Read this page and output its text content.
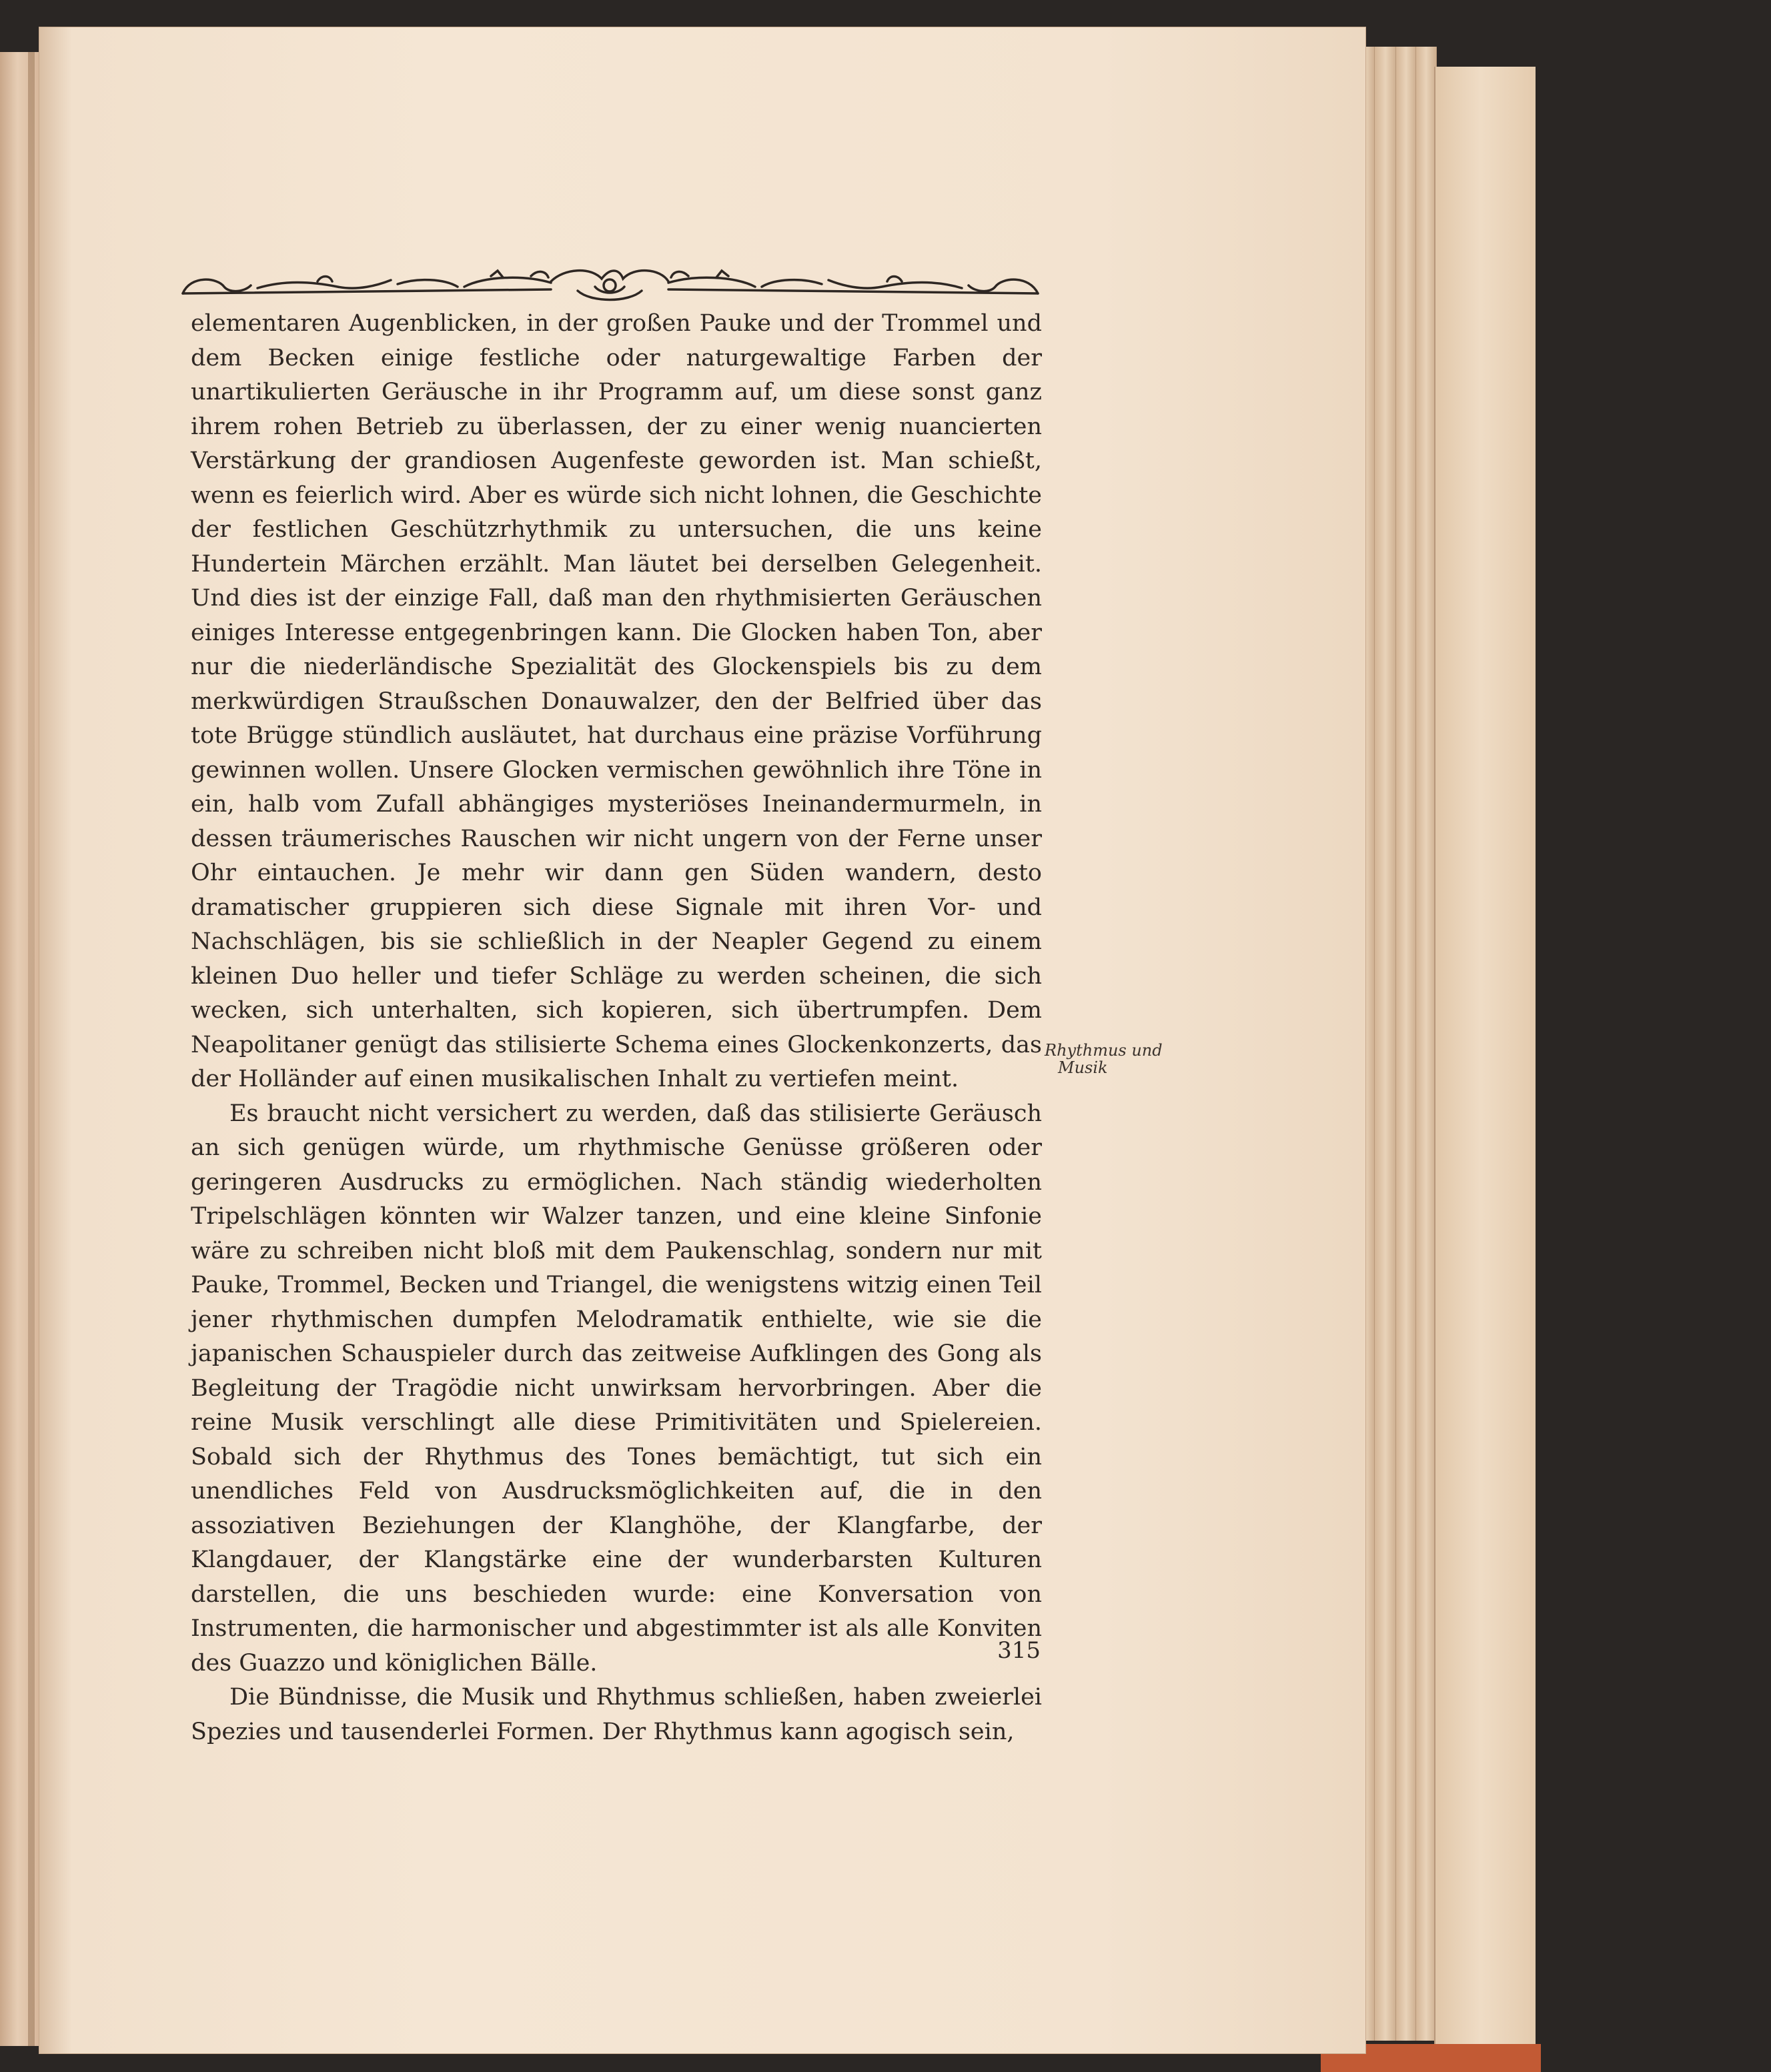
elementaren Augenblicken, in der großen Pauke und der Trommel und dem Becken einige festliche oder naturgewaltige Farben der unartikulierten Geräusche in ihr Programm auf, um diese sonst ganz ihrem rohen Betrieb zu überlassen, der zu einer wenig nuancierten Verstärkung der grandiosen Augenfeste geworden ist. Man schießt, wenn es feierlich wird. Aber es würde sich nicht lohnen, die Geschichte der festlichen Geschützrhythmik zu untersuchen, die uns keine Hundertein Märchen erzählt. Man läutet bei derselben Gelegenheit. Und dies ist der einzige Fall, daß man den rhythmisierten Geräuschen einiges Interesse entgegenbringen kann. Die Glocken haben Ton, aber nur die niederländische Spezialität des Glockenspiels bis zu dem merkwürdigen Straußschen Donauwalzer, den der Belfried über das tote Brügge stündlich ausläutet, hat durchaus eine präzise Vorführung gewinnen wollen. Unsere Glocken vermischen gewöhnlich ihre Töne in ein, halb vom Zufall abhängiges mysteriöses Ineinandermurmeln, in dessen träumerisches Rauschen wir nicht ungern von der Ferne unser Ohr eintauchen. Je mehr wir dann gen Süden wandern, desto dramatischer gruppieren sich diese Signale mit ihren Vor- und Nachschlägen, bis sie schließlich in der Neapler Gegend zu einem kleinen Duo heller und tiefer Schläge zu werden scheinen, die sich wecken, sich unterhalten, sich kopieren, sich übertrumpfen. Dem Neapolitaner genügt das stilisierte Schema eines Glockenkonzerts, das der Holländer auf einen musikalischen Inhalt zu vertiefen meint.

Es braucht nicht versichert zu werden, daß das stilisierte Geräusch an sich genügen würde, um rhythmische Genüsse größeren oder geringeren Ausdrucks zu ermöglichen. Nach ständig wiederholten Tripelschlägen könnten wir Walzer tanzen, und eine kleine Sinfonie wäre zu schreiben nicht bloß mit dem Paukenschlag, sondern nur mit Pauke, Trommel, Becken und Triangel, die wenigstens witzig einen Teil jener rhythmischen dumpfen Melodramatik enthielte, wie sie die japanischen Schauspieler durch das zeitweise Aufklingen des Gong als Begleitung der Tragödie nicht unwirksam hervorbringen. Aber die reine Musik verschlingt alle diese Primitivitäten und Spielereien. Sobald sich der Rhythmus des Tones bemächtigt, tut sich ein unendliches Feld von Ausdrucksmöglichkeiten auf, die in den assoziativen Beziehungen der Klanghöhe, der Klangfarbe, der Klangdauer, der Klangstärke eine der wunderbarsten Kulturen darstellen, die uns beschieden wurde: eine Konversation von Instrumenten, die harmonischer und abgestimmter ist als alle Konviten des Guazzo und königlichen Bälle.

Die Bündnisse, die Musik und Rhythmus schließen, haben zweierlei Spezies und tausenderlei Formen. Der Rhythmus kann agogisch sein,

Rhythmus und
Musik
315
